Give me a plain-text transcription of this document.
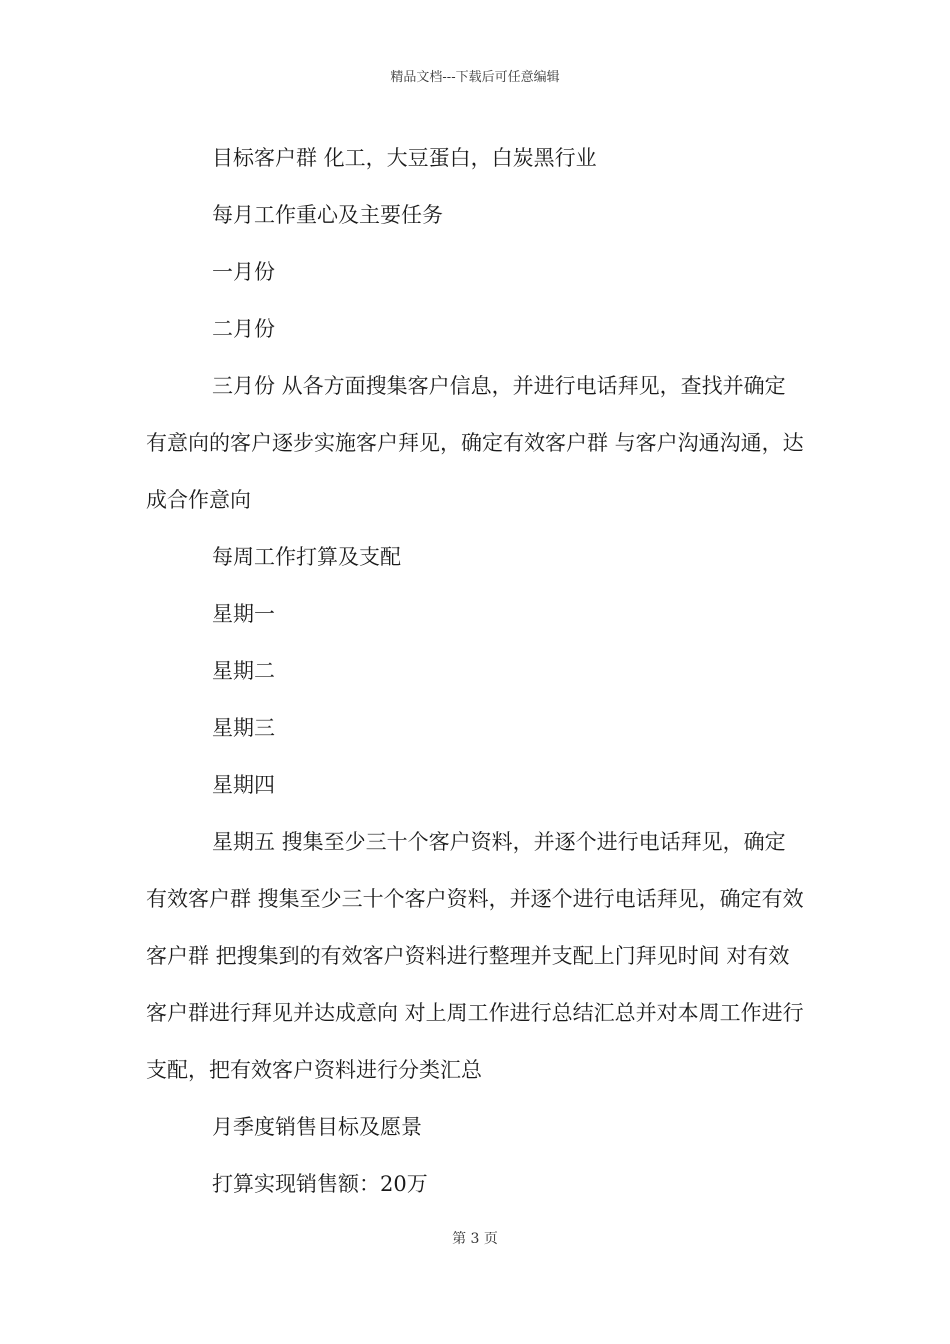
精品文档---下载后可任意编辑

目标客户群 化工，大豆蛋白，白炭黑行业

每月工作重心及主要任务

一月份

二月份

三月份 从各方面搜集客户信息，并进行电话拜见，查找并确定有意向的客户逐步实施客户拜见，确定有效客户群 与客户沟通沟通，达成合作意向

每周工作打算及支配

星期一

星期二

星期三

星期四

星期五 搜集至少三十个客户资料，并逐个进行电话拜见，确定有效客户群 搜集至少三十个客户资料，并逐个进行电话拜见，确定有效客户群 把搜集到的有效客户资料进行整理并支配上门拜见时间 对有效客户群进行拜见并达成意向 对上周工作进行总结汇总并对本周工作进行支配，把有效客户资料进行分类汇总

月季度销售目标及愿景

打算实现销售额：20万

第 3 页
